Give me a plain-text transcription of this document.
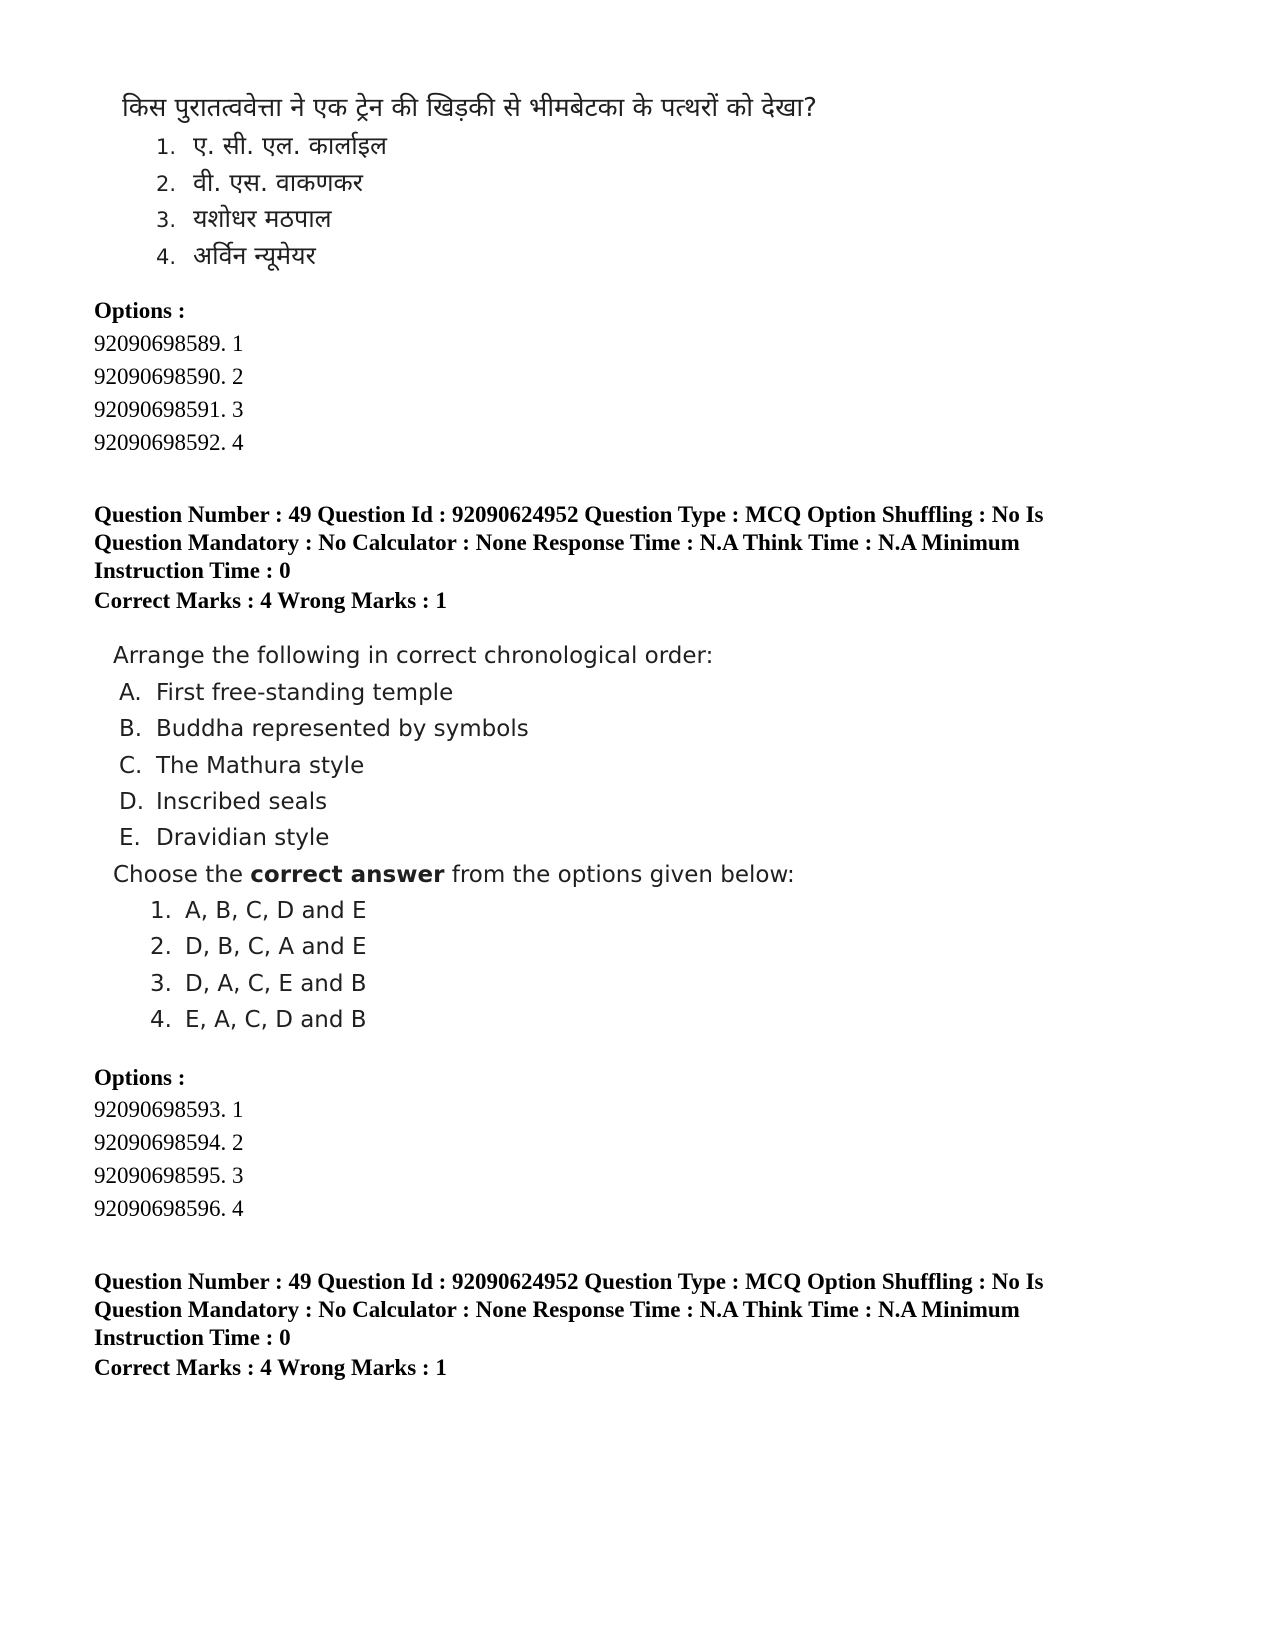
किस पुरातत्ववेत्ता ने एक ट्रेन की खिड़की से भीमबेटका के पत्थरों को देखा?
1. ए. सी. एल. कार्लाइल
2. वी. एस. वाकणकर
3. यशोधर मठपाल
4. अर्विन न्यूमेयर
Options :
92090698589. 1
92090698590. 2
92090698591. 3
92090698592. 4
Question Number : 49 Question Id : 92090624952 Question Type : MCQ Option Shuffling : No Is
Question Mandatory : No Calculator : None Response Time : N.A Think Time : N.A Minimum
Instruction Time : 0
Correct Marks : 4 Wrong Marks : 1
Arrange the following in correct chronological order:
A. First free-standing temple
B. Buddha represented by symbols
C. The Mathura style
D. Inscribed seals
E. Dravidian style
Choose the correct answer from the options given below:
1. A, B, C, D and E
2. D, B, C, A and E
3. D, A, C, E and B
4. E, A, C, D and B
Options :
92090698593. 1
92090698594. 2
92090698595. 3
92090698596. 4
Question Number : 49 Question Id : 92090624952 Question Type : MCQ Option Shuffling : No Is
Question Mandatory : No Calculator : None Response Time : N.A Think Time : N.A Minimum
Instruction Time : 0
Correct Marks : 4 Wrong Marks : 1
